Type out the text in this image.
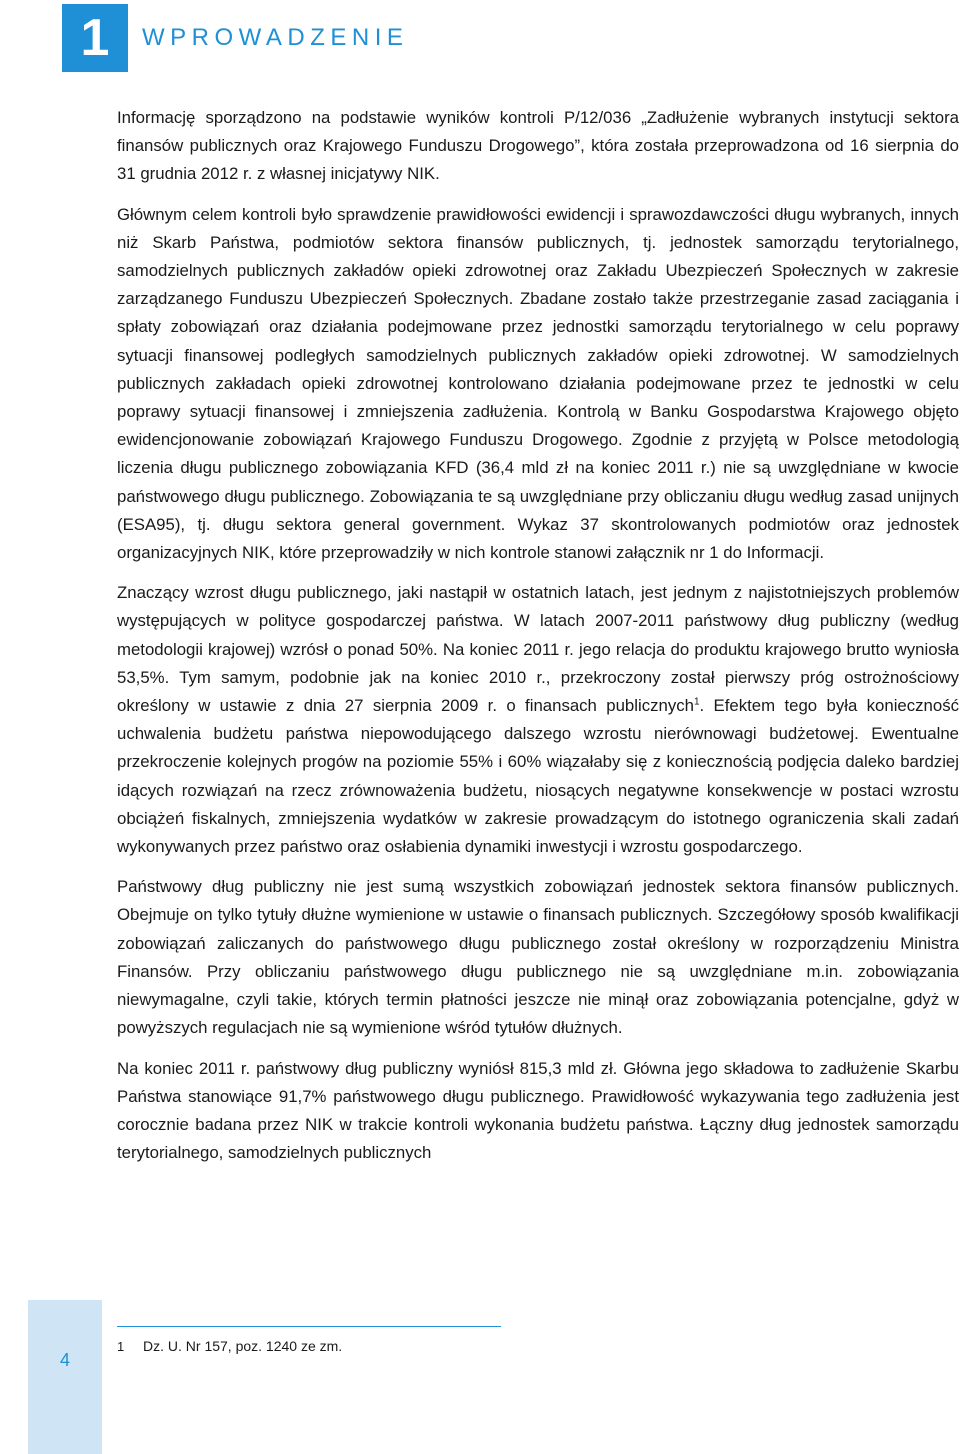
1 WPROWADZENIE

Informację sporządzono na podstawie wyników kontroli P/12/036 „Zadłużenie wybranych instytucji sektora finansów publicznych oraz Krajowego Funduszu Drogowego”, która została przeprowadzona od 16 sierpnia do 31 grudnia 2012 r. z własnej inicjatywy NIK.

Głównym celem kontroli było sprawdzenie prawidłowości ewidencji i sprawozdawczości długu wybranych, innych niż Skarb Państwa, podmiotów sektora finansów publicznych, tj. jednostek samorządu terytorialnego, samodzielnych publicznych zakładów opieki zdrowotnej oraz Zakładu Ubezpieczeń Społecznych w zakresie zarządzanego Funduszu Ubezpieczeń Społecznych. Zbadane zostało także przestrzeganie zasad zaciągania i spłaty zobowiązań oraz działania podejmowane przez jednostki samorządu terytorialnego w celu poprawy sytuacji finansowej podległych samodzielnych publicznych zakładów opieki zdrowotnej. W samodzielnych publicznych zakładach opieki zdrowotnej kontrolowano działania podejmowane przez te jednostki w celu poprawy sytuacji finansowej i zmniejszenia zadłużenia. Kontrolą w Banku Gospodarstwa Krajowego objęto ewidencjonowanie zobowiązań Krajowego Funduszu Drogowego. Zgodnie z przyjętą w Polsce metodologią liczenia długu publicznego zobowiązania KFD (36,4 mld zł na koniec 2011 r.) nie są uwzględniane w kwocie państwowego długu publicznego. Zobowiązania te są uwzględniane przy obliczaniu długu według zasad unijnych (ESA95), tj. długu sektora general government. Wykaz 37 skontrolowanych podmiotów oraz jednostek organizacyjnych NIK, które przeprowadziły w nich kontrole stanowi załącznik nr 1 do Informacji.

Znaczący wzrost długu publicznego, jaki nastąpił w ostatnich latach, jest jednym z najistotniejszych problemów występujących w polityce gospodarczej państwa. W latach 2007-2011 państwowy dług publiczny (według metodologii krajowej) wzrósł o ponad 50%. Na koniec 2011 r. jego relacja do produktu krajowego brutto wyniosła 53,5%. Tym samym, podobnie jak na koniec 2010 r., przekroczony został pierwszy próg ostrożnościowy określony w ustawie z dnia 27 sierpnia 2009 r. o finansach publicznych$^1$. Efektem tego była konieczność uchwalenia budżetu państwa niepowodującego dalszego wzrostu nierównowagi budżetowej. Ewentualne przekroczenie kolejnych progów na poziomie 55% i 60% wiązałaby się z koniecznością podjęcia daleko bardziej idących rozwiązań na rzecz zrównoważenia budżetu, niosących negatywne konsekwencje w postaci wzrostu obciążeń fiskalnych, zmniejszenia wydatków w zakresie prowadzącym do istotnego ograniczenia skali zadań wykonywanych przez państwo oraz osłabienia dynamiki inwestycji i wzrostu gospodarczego.

Państwowy dług publiczny nie jest sumą wszystkich zobowiązań jednostek sektora finansów publicznych. Obejmuje on tylko tytuły dłużne wymienione w ustawie o finansach publicznych. Szczegółowy sposób kwalifikacji zobowiązań zaliczanych do państwowego długu publicznego został określony w rozporządzeniu Ministra Finansów. Przy obliczaniu państwowego długu publicznego nie są uwzględniane m.in. zobowiązania niewymagalne, czyli takie, których termin płatności jeszcze nie minął oraz zobowiązania potencjalne, gdyż w powyższych regulacjach nie są wymienione wśród tytułów dłużnych.

Na koniec 2011 r. państwowy dług publiczny wyniósł 815,3 mld zł. Główna jego składowa to zadłużenie Skarbu Państwa stanowiące 91,7% państwowego długu publicznego. Prawidłowość wykazywania tego zadłużenia jest corocznie badana przez NIK w trakcie kontroli wykonania budżetu państwa. Łączny dług jednostek samorządu terytorialnego, samodzielnych publicznych

4
1 Dz. U. Nr 157, poz. 1240 ze zm.
